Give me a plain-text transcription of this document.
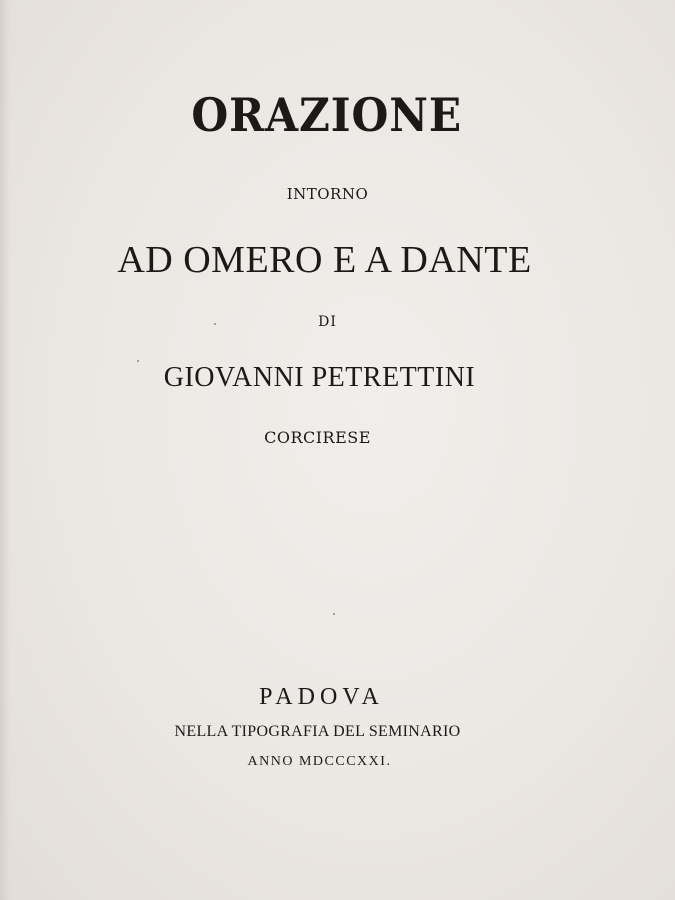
ORAZIONE
INTORNO
AD OMERO E A DANTE
DI
GIOVANNI PETRETTINI
CORCIRESE
PADOVA
NELLA TIPOGRAFIA DEL SEMINARIO
ANNO MDCCCXXI.
